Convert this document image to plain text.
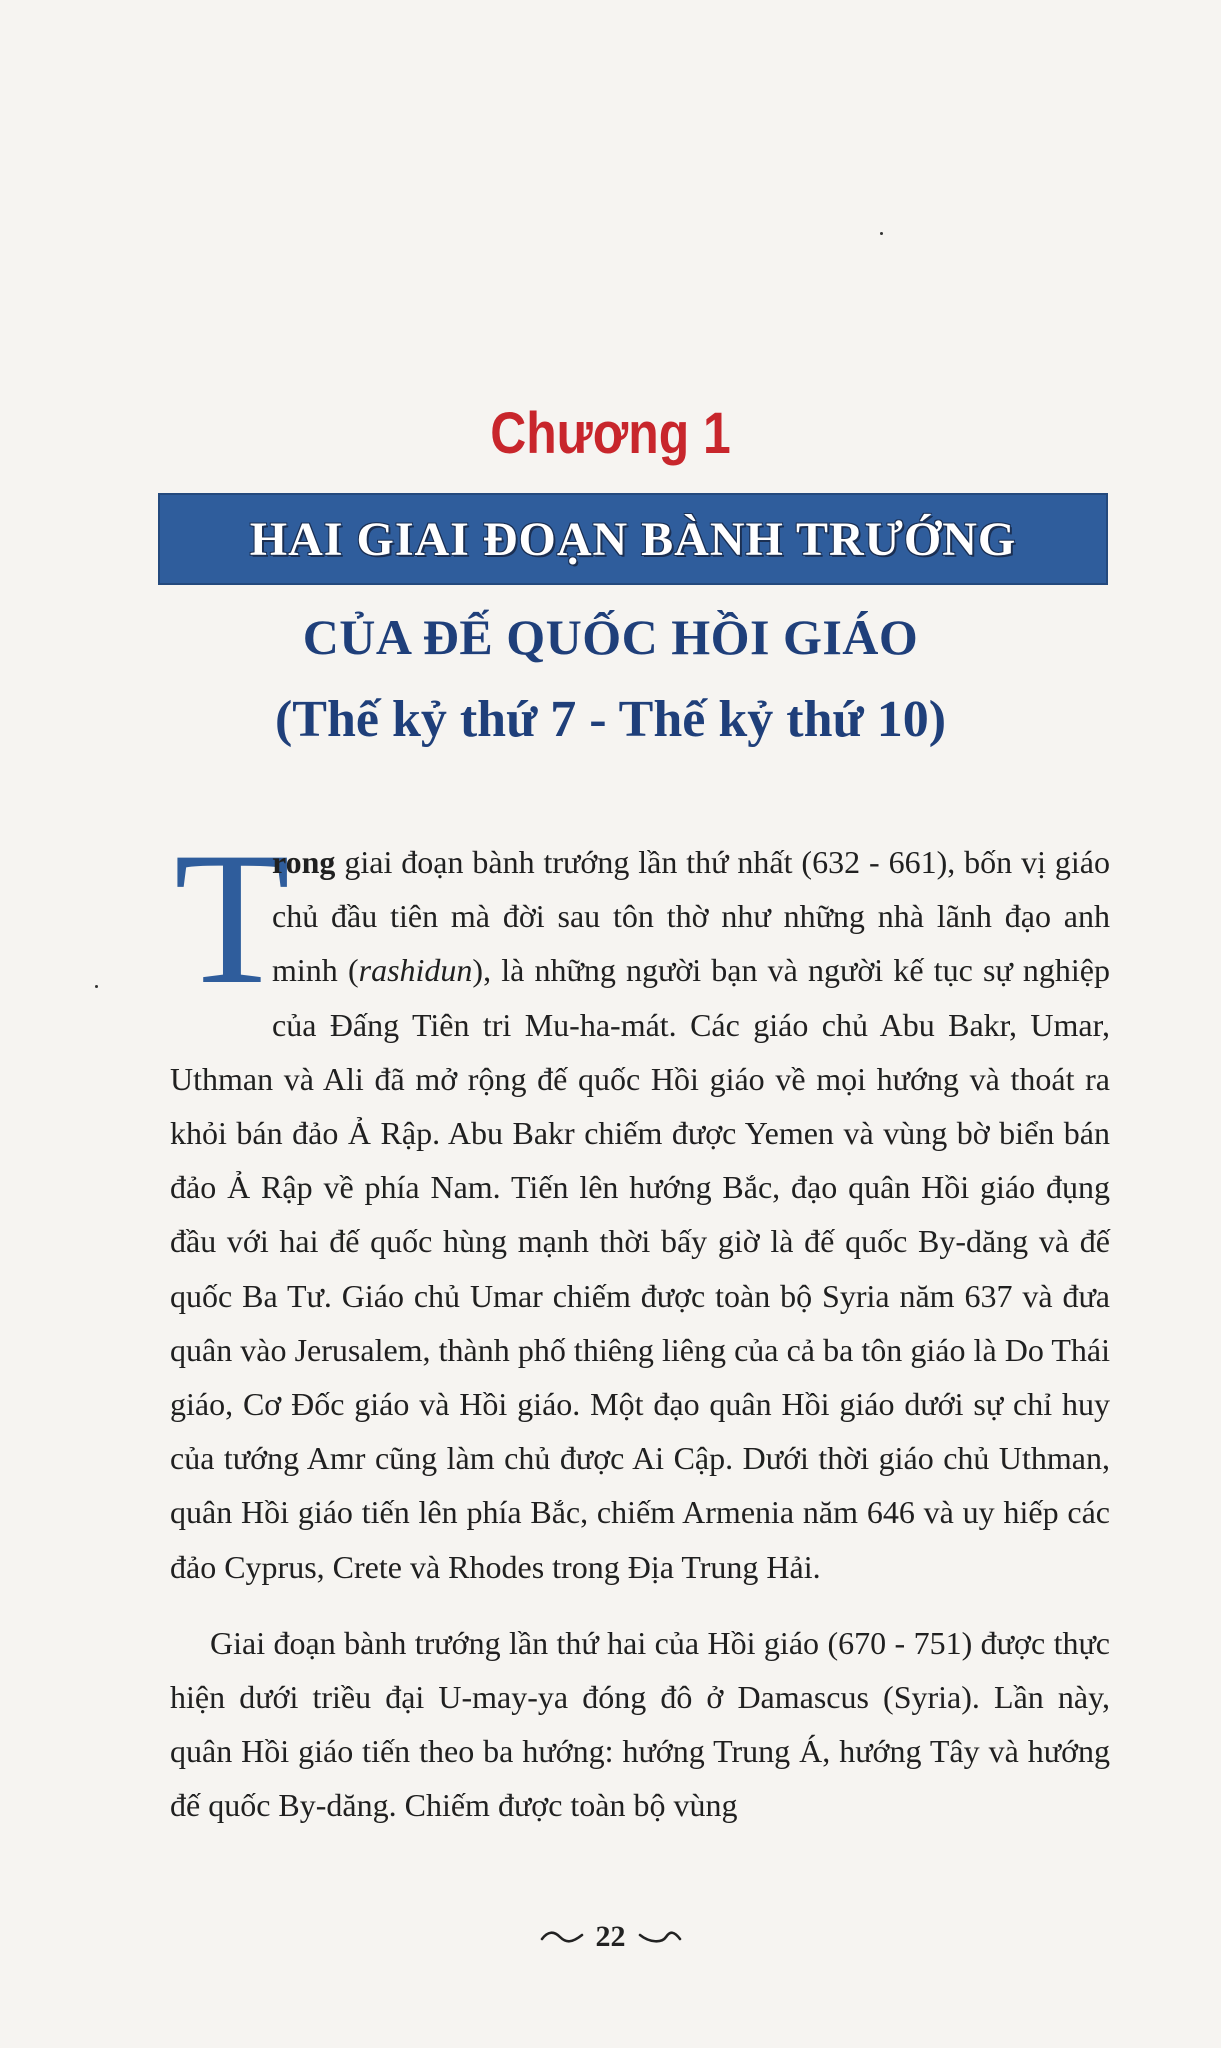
Chương 1
HAI GIAI ĐOẠN BÀNH TRƯỚNG
CỦA ĐẾ QUỐC HỒI GIÁO
(Thế kỷ thứ 7 - Thế kỷ thứ 10)

T
rong giai đoạn bành trướng lần thứ nhất (632 - 661), bốn vị giáo chủ đầu tiên mà đời sau tôn thờ như những nhà lãnh đạo anh minh (rashidun), là những người bạn và người kế tục sự nghiệp của Đấng Tiên tri Mu-ha-mát. Các giáo chủ Abu Bakr, Umar, Uthman và Ali đã mở rộng đế quốc Hồi giáo về mọi hướng và thoát ra khỏi bán đảo Ả Rập. Abu Bakr chiếm được Yemen và vùng bờ biển bán đảo Ả Rập về phía Nam. Tiến lên hướng Bắc, đạo quân Hồi giáo đụng đầu với hai đế quốc hùng mạnh thời bấy giờ là đế quốc By-dăng và đế quốc Ba Tư. Giáo chủ Umar chiếm được toàn bộ Syria năm 637 và đưa quân vào Jerusalem, thành phố thiêng liêng của cả ba tôn giáo là Do Thái giáo, Cơ Đốc giáo và Hồi giáo. Một đạo quân Hồi giáo dưới sự chỉ huy của tướng Amr cũng làm chủ được Ai Cập. Dưới thời giáo chủ Uthman, quân Hồi giáo tiến lên phía Bắc, chiếm Armenia năm 646 và uy hiếp các đảo Cyprus, Crete và Rhodes trong Địa Trung Hải.

Giai đoạn bành trướng lần thứ hai của Hồi giáo (670 - 751) được thực hiện dưới triều đại U-may-ya đóng đô ở Damascus (Syria). Lần này, quân Hồi giáo tiến theo ba hướng: hướng Trung Á, hướng Tây và hướng đế quốc By-dăng. Chiếm được toàn bộ vùng

22
